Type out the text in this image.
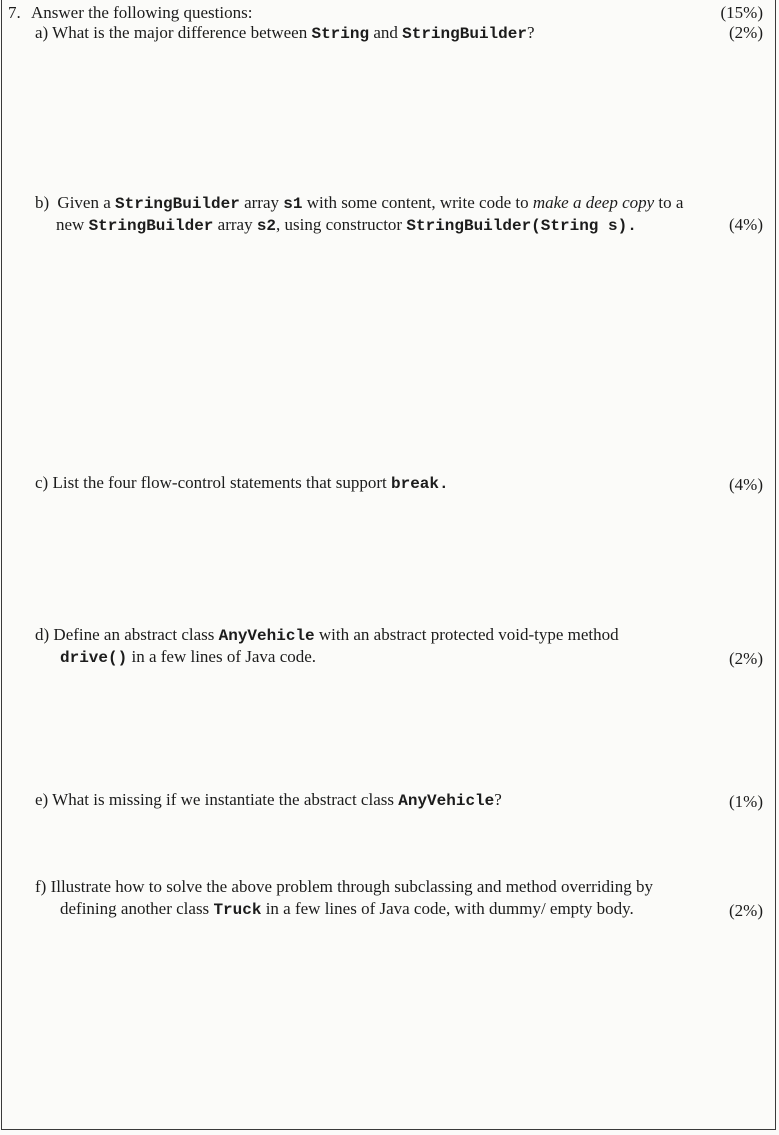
7. Answer the following questions:	(15%)
a) What is the major difference between String and StringBuilder?	(2%)
b) Given a StringBuilder array s1 with some content, write code to make a deep copy to a
new StringBuilder array s2, using constructor StringBuilder(String s).	(4%)
c) List the four flow-control statements that support break.	(4%)
d) Define an abstract class AnyVehicle with an abstract protected void-type method
drive() in a few lines of Java code.	(2%)
e) What is missing if we instantiate the abstract class AnyVehicle?	(1%)
f) Illustrate how to solve the above problem through subclassing and method overriding by
defining another class Truck in a few lines of Java code, with dummy/ empty body.	(2%)
